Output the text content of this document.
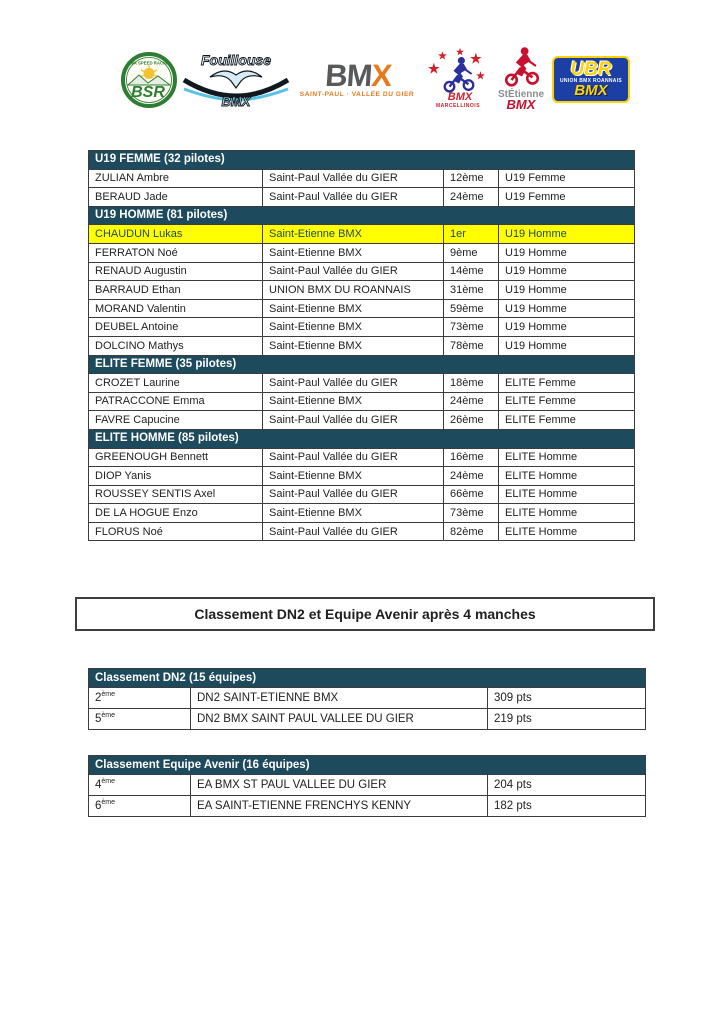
BMX SPEED RACING
BSR
Fouillouse
BMX
BMX
SAINT-PAUL · VALLÉE DU GIER
★
★ ★ ★
★
BMX
MARCELLINOIS
StÉtienne
BMX
UBR
UNION BMX ROANNAIS
BMX
U19 FEMME (32 pilotes)			
ZULIAN Ambre	Saint-Paul Vallée du GIER	12ème	U19 Femme
BERAUD Jade	Saint-Paul Vallée du GIER	24ème	U19 Femme
U19 HOMME (81 pilotes)			
CHAUDUN Lukas	Saint-Etienne BMX	1er	U19 Homme
FERRATON Noé	Saint-Etienne BMX	9ème	U19 Homme
RENAUD Augustin	Saint-Paul Vallée du GIER	14ème	U19 Homme
BARRAUD Ethan	UNION BMX DU ROANNAIS	31ème	U19 Homme
MORAND Valentin	Saint-Etienne BMX	59ème	U19 Homme
DEUBEL Antoine	Saint-Etienne BMX	73ème	U19 Homme
DOLCINO Mathys	Saint-Etienne BMX	78ème	U19 Homme
ELITE FEMME (35 pilotes)			
CROZET Laurine	Saint-Paul Vallée du GIER	18ème	ELITE Femme
PATRACCONE Emma	Saint-Etienne BMX	24ème	ELITE Femme
FAVRE Capucine	Saint-Paul Vallée du GIER	26ème	ELITE Femme
ELITE HOMME (85 pilotes)			
GREENOUGH Bennett	Saint-Paul Vallée du GIER	16ème	ELITE Homme
DIOP Yanis	Saint-Etienne BMX	24ème	ELITE Homme
ROUSSEY SENTIS Axel	Saint-Paul Vallée du GIER	66ème	ELITE Homme
DE LA HOGUE Enzo	Saint-Etienne BMX	73ème	ELITE Homme
FLORUS Noé	Saint-Paul Vallée du GIER	82ème	ELITE Homme
Classement DN2 et Equipe Avenir après 4 manches
Classement DN2 (15 équipes)		
2ème	DN2 SAINT-ETIENNE BMX	309 pts
5ème	DN2 BMX SAINT PAUL VALLEE DU GIER	219 pts
Classement Equipe Avenir (16 équipes)		
4ème	EA BMX ST PAUL VALLEE DU GIER	204 pts
6ème	EA SAINT-ETIENNE FRENCHYS KENNY	182 pts
